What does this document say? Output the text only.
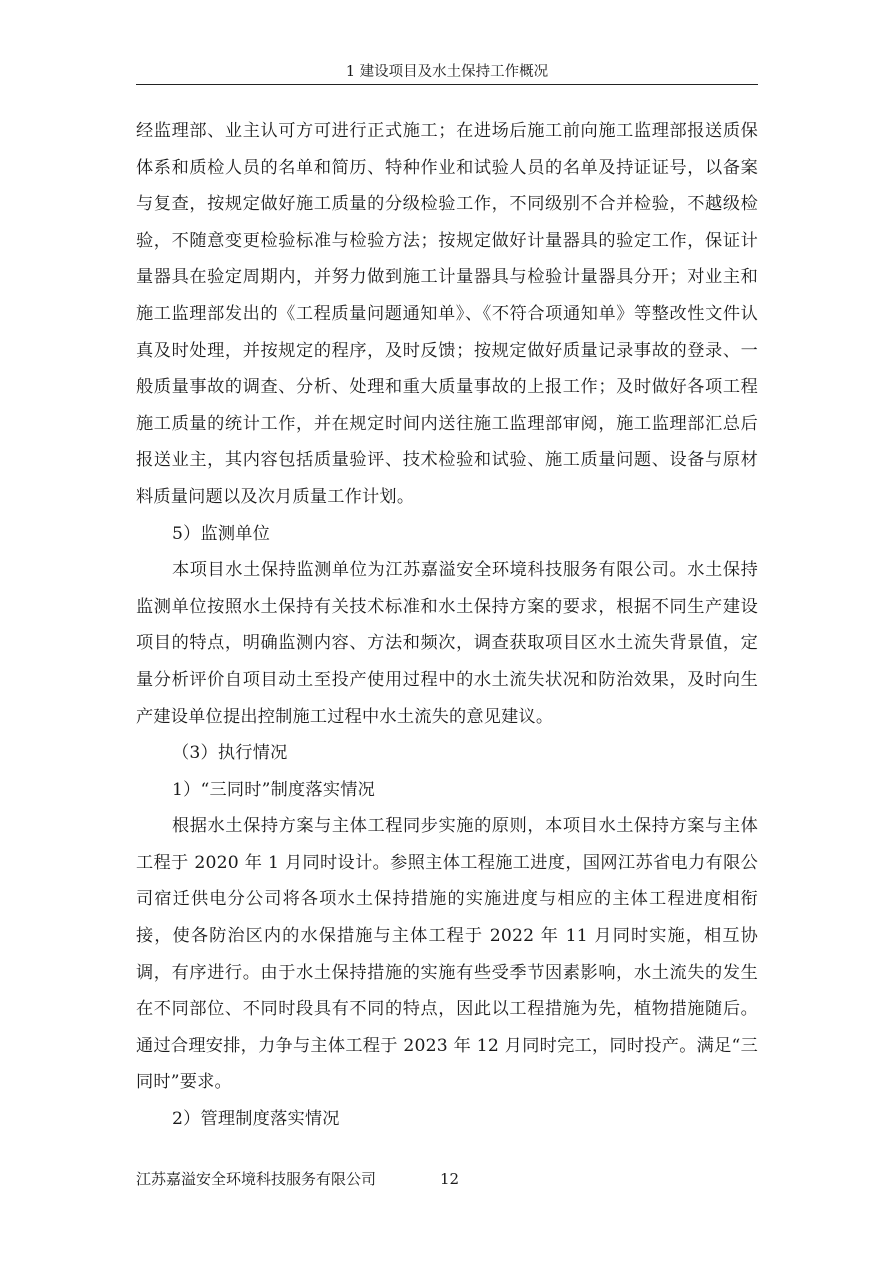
1 建设项目及水土保持工作概况

经监理部、业主认可方可进行正式施工；在进场后施工前向施工监理部报送质保体系和质检人员的名单和简历、特种作业和试验人员的名单及持证证号，以备案与复查，按规定做好施工质量的分级检验工作，不同级别不合并检验，不越级检验，不随意变更检验标准与检验方法；按规定做好计量器具的验定工作，保证计量器具在验定周期内，并努力做到施工计量器具与检验计量器具分开；对业主和施工监理部发出的《工程质量问题通知单》、《不符合项通知单》等整改性文件认真及时处理，并按规定的程序，及时反馈；按规定做好质量记录事故的登录、一般质量事故的调查、分析、处理和重大质量事故的上报工作；及时做好各项工程施工质量的统计工作，并在规定时间内送往施工监理部审阅，施工监理部汇总后报送业主，其内容包括质量验评、技术检验和试验、施工质量问题、设备与原材料质量问题以及次月质量工作计划。

5）监测单位

本项目水土保持监测单位为江苏嘉溢安全环境科技服务有限公司。水土保持监测单位按照水土保持有关技术标准和水土保持方案的要求，根据不同生产建设项目的特点，明确监测内容、方法和频次，调查获取项目区水土流失背景值，定量分析评价自项目动土至投产使用过程中的水土流失状况和防治效果，及时向生产建设单位提出控制施工过程中水土流失的意见建议。

（3）执行情况

1）“三同时”制度落实情况

根据水土保持方案与主体工程同步实施的原则，本项目水土保持方案与主体工程于 2020 年 1 月同时设计。参照主体工程施工进度，国网江苏省电力有限公司宿迁供电分公司将各项水土保持措施的实施进度与相应的主体工程进度相衔接，使各防治区内的水保措施与主体工程于 2022 年 11 月同时实施，相互协调，有序进行。由于水土保持措施的实施有些受季节因素影响，水土流失的发生在不同部位、不同时段具有不同的特点，因此以工程措施为先，植物措施随后。通过合理安排，力争与主体工程于 2023 年 12 月同时完工，同时投产。满足“三同时”要求。

2）管理制度落实情况

江苏嘉溢安全环境科技服务有限公司	12
